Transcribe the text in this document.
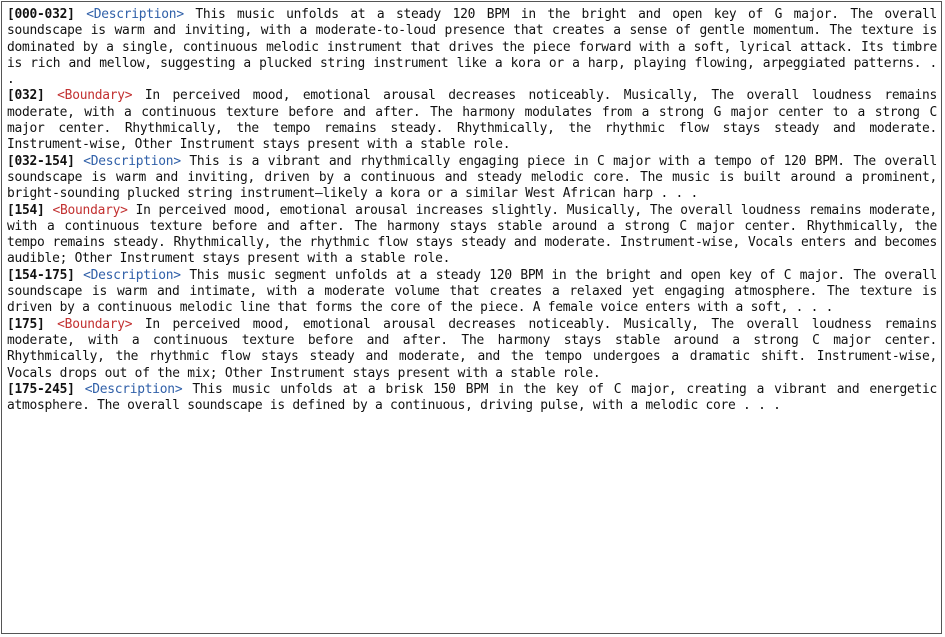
[000-032] <Description> This music unfolds at a steady 120 BPM in the bright and open key of G major. The overall soundscape is warm and inviting, with a moderate-to-loud presence that creates a sense of gentle momentum. The texture is dominated by a single, continuous melodic instrument that drives the piece forward with a soft, lyrical attack. Its timbre is rich and mellow, suggesting a plucked string instrument like a kora or a harp, playing flowing, arpeggiated patterns. . .

[032] <Boundary> In perceived mood, emotional arousal decreases noticeably. Musically, The overall loudness remains moderate, with a continuous texture before and after. The harmony modulates from a strong G major center to a strong C major center. Rhythmically, the tempo remains steady. Rhythmically, the rhythmic flow stays steady and moderate. Instrument-wise, Other Instrument stays present with a stable role.

[032-154] <Description> This is a vibrant and rhythmically engaging piece in C major with a tempo of 120 BPM. The overall soundscape is warm and inviting, driven by a continuous and steady melodic core. The music is built around a prominent, bright-sounding plucked string instrument—likely a kora or a similar West African harp . . .

[154] <Boundary> In perceived mood, emotional arousal increases slightly. Musically, The overall loudness remains moderate, with a continuous texture before and after. The harmony stays stable around a strong C major center. Rhythmically, the tempo remains steady. Rhythmically, the rhythmic flow stays steady and moderate. Instrument-wise, Vocals enters and becomes audible; Other Instrument stays present with a stable role.

[154-175] <Description> This music segment unfolds at a steady 120 BPM in the bright and open key of C major. The overall soundscape is warm and intimate, with a moderate volume that creates a relaxed yet engaging atmosphere. The texture is driven by a continuous melodic line that forms the core of the piece. A female voice enters with a soft, . . .

[175] <Boundary> In perceived mood, emotional arousal decreases noticeably. Musically, The overall loudness remains moderate, with a continuous texture before and after. The harmony stays stable around a strong C major center. Rhythmically, the rhythmic flow stays steady and moderate, and the tempo undergoes a dramatic shift. Instrument-wise, Vocals drops out of the mix; Other Instrument stays present with a stable role.

[175-245] <Description> This music unfolds at a brisk 150 BPM in the key of C major, creating a vibrant and energetic atmosphere. The overall soundscape is defined by a continuous, driving pulse, with a melodic core . . .
